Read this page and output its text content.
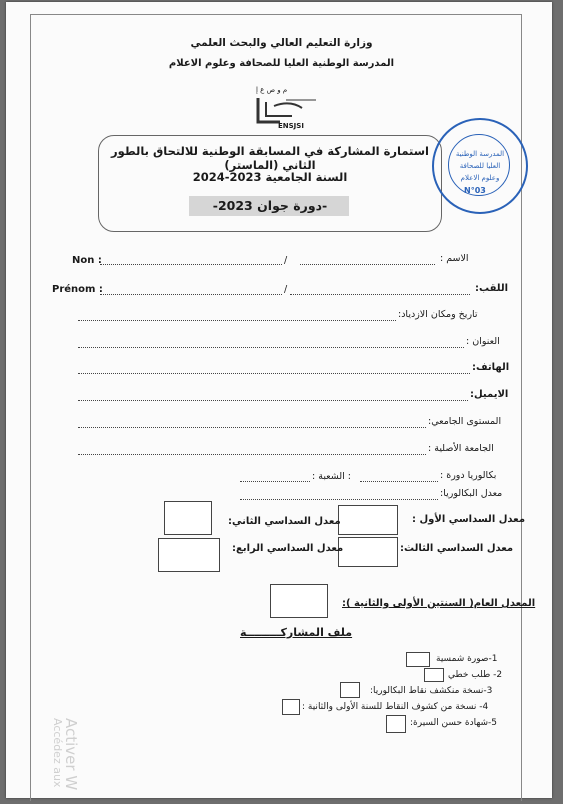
وزارة التعليم العالي والبحث العلمي
المدرسة الوطنية العليا للصحافة وعلوم الاعلام
م و ص ع إ
ENSJSI
استمارة المشاركة في المسابقة الوطنية للالتحاق بالطور الثاني (الماستر)
السنة الجامعية 2023-2024
-دورة جوان 2023-
المدرسة الوطنية
العليا للصحافة
وعلوم الاعلام
N°03
الاسم :
/
Non :
اللقب:
/
Prénom :
تاريخ ومكان الازدياد:
العنوان :
الهاتف:
الايميل:
المستوى الجامعي:
الجامعة الأصلية :
بكالوريا دورة :
: الشعبة :
معدل البكالوريا:
معدل السداسي الأول :
معدل السداسي الثاني:
معدل السداسي الثالث:
معدل السداسي الرابع:
المعدل العام( السنتين الأولى والثانية ):
ملف المشاركـــــــــة
1-صورة شمسية
2- طلب خطي
3-نسخة منكشف نقاط البكالوريا:
4- نسخة من كشوف النقاط للسنة الأولى والثانية :
5-شهادة حسن السيرة:
Activer W
Accédez aux
